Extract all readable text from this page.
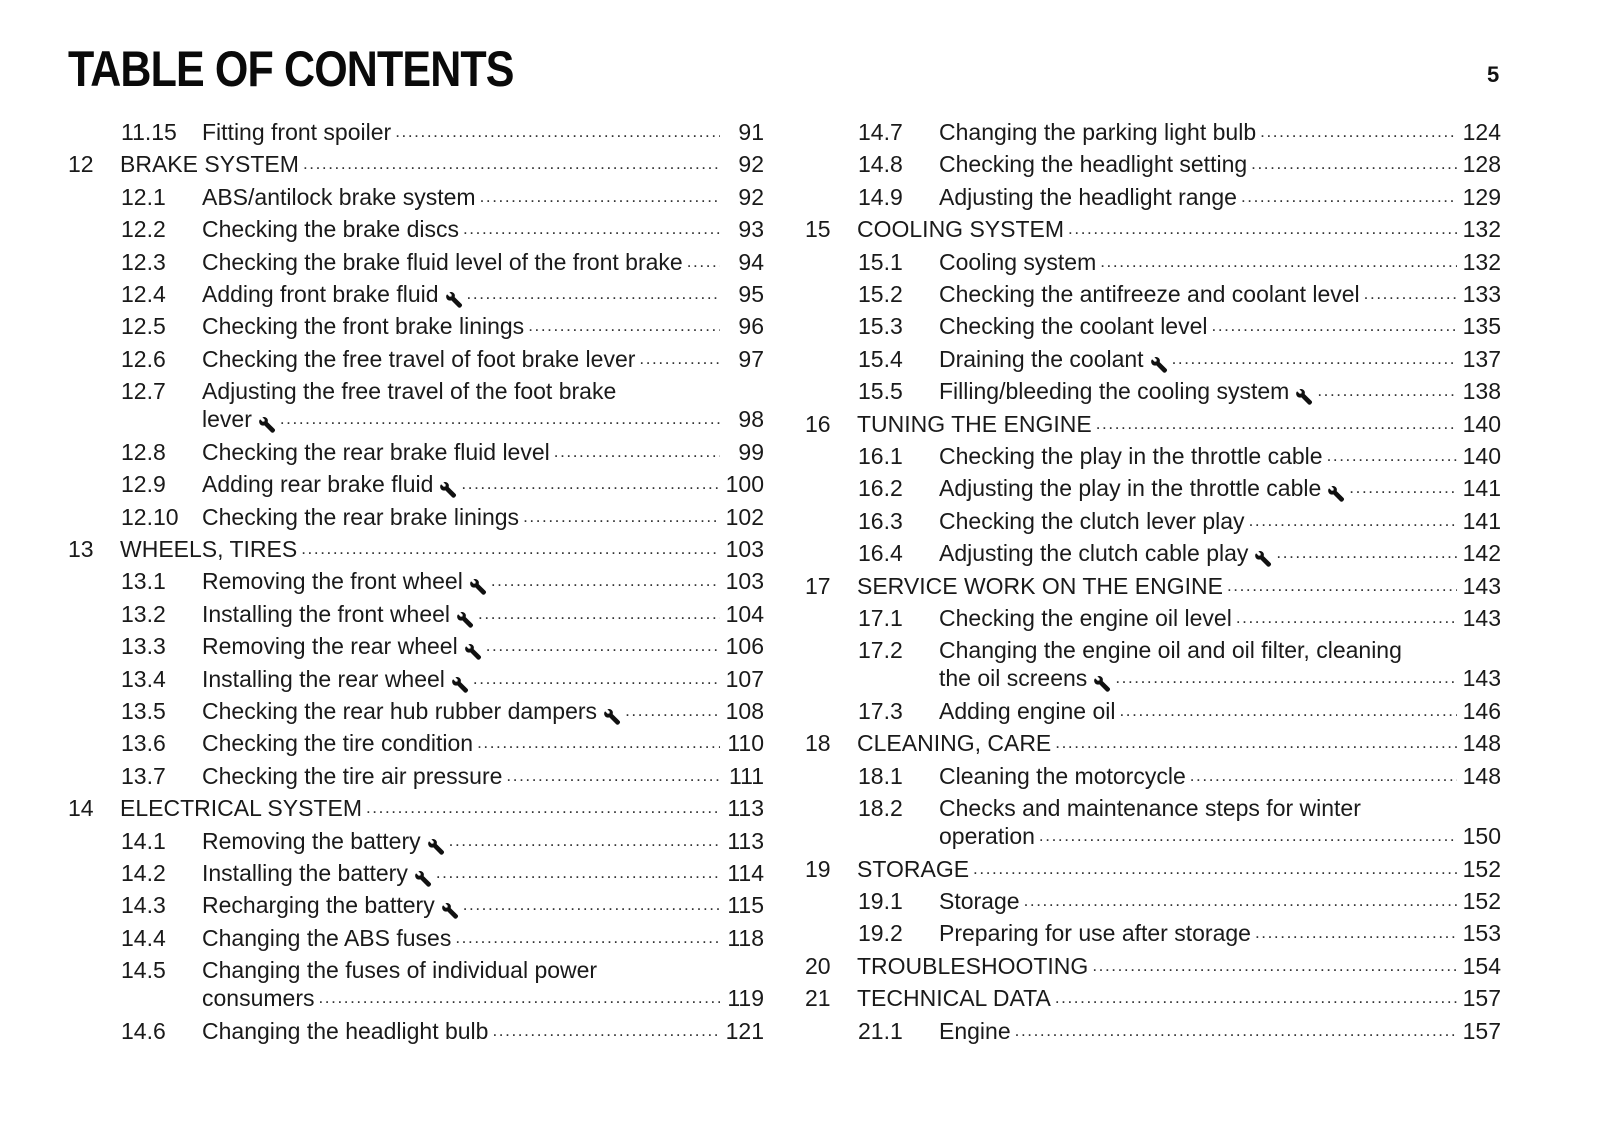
TABLE OF CONTENTS	5
11.15 Fitting front spoiler .....	91
12 BRAKE SYSTEM .....	92
12.1 ABS/antilock brake system .....	92
12.2 Checking the brake discs .....	93
12.3 Checking the brake fluid level of the front brake .....	94
12.4 Adding front brake fluid .....	95
12.5 Checking the front brake linings .....	96
12.6 Checking the free travel of foot brake lever .....	97
12.7 Adjusting the free travel of the foot brake
lever .....	98
12.8 Checking the rear brake fluid level .....	99
12.9 Adding rear brake fluid .....	100
12.10 Checking the rear brake linings .....	102
13 WHEELS, TIRES .....	103
13.1 Removing the front wheel .....	103
13.2 Installing the front wheel .....	104
13.3 Removing the rear wheel .....	106
13.4 Installing the rear wheel .....	107
13.5 Checking the rear hub rubber dampers .....	108
13.6 Checking the tire condition .....	110
13.7 Checking the tire air pressure .....	111
14 ELECTRICAL SYSTEM .....	113
14.1 Removing the battery .....	113
14.2 Installing the battery .....	114
14.3 Recharging the battery .....	115
14.4 Changing the ABS fuses .....	118
14.5 Changing the fuses of individual power
consumers .....	119
14.6 Changing the headlight bulb .....	121
14.7 Changing the parking light bulb .....	124
14.8 Checking the headlight setting .....	128
14.9 Adjusting the headlight range .....	129
15 COOLING SYSTEM .....	132
15.1 Cooling system .....	132
15.2 Checking the antifreeze and coolant level .....	133
15.3 Checking the coolant level .....	135
15.4 Draining the coolant .....	137
15.5 Filling/bleeding the cooling system .....	138
16 TUNING THE ENGINE .....	140
16.1 Checking the play in the throttle cable .....	140
16.2 Adjusting the play in the throttle cable .....	141
16.3 Checking the clutch lever play .....	141
16.4 Adjusting the clutch cable play .....	142
17 SERVICE WORK ON THE ENGINE .....	143
17.1 Checking the engine oil level .....	143
17.2 Changing the engine oil and oil filter, cleaning
the oil screens .....	143
17.3 Adding engine oil .....	146
18 CLEANING, CARE .....	148
18.1 Cleaning the motorcycle .....	148
18.2 Checks and maintenance steps for winter
operation .....	150
19 STORAGE .....	152
19.1 Storage .....	152
19.2 Preparing for use after storage .....	153
20 TROUBLESHOOTING .....	154
21 TECHNICAL DATA .....	157
21.1 Engine .....	157
